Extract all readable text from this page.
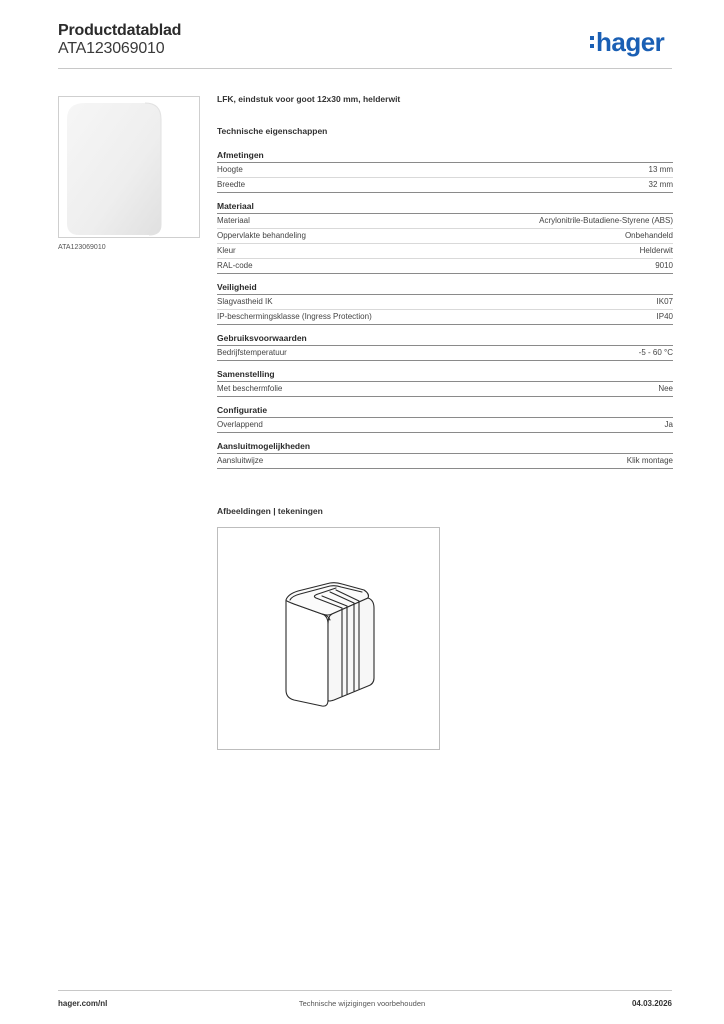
Productdatablad
ATA123069010	hager
ATA123069010
LFK, eindstuk voor goot 12x30 mm, helderwit
Technische eigenschappen
Afmetingen
Hoogte	13 mm
Breedte	32 mm
Materiaal
Materiaal	Acrylonitrile-Butadiene-Styrene (ABS)
Oppervlakte behandeling	Onbehandeld
Kleur	Helderwit
RAL-code	9010
Veiligheid
Slagvastheid IK	IK07
IP-beschermingsklasse (Ingress Protection)	IP40
Gebruiksvoorwaarden
Bedrijfstemperatuur	-5 - 60 °C
Samenstelling
Met beschermfolie	Nee
Configuratie
Overlappend	Ja
Aansluitmogelijkheden
Aansluitwijze	Klik montage
Afbeeldingen | tekeningen
hager.com/nl	Technische wijzigingen voorbehouden	04.03.2026
